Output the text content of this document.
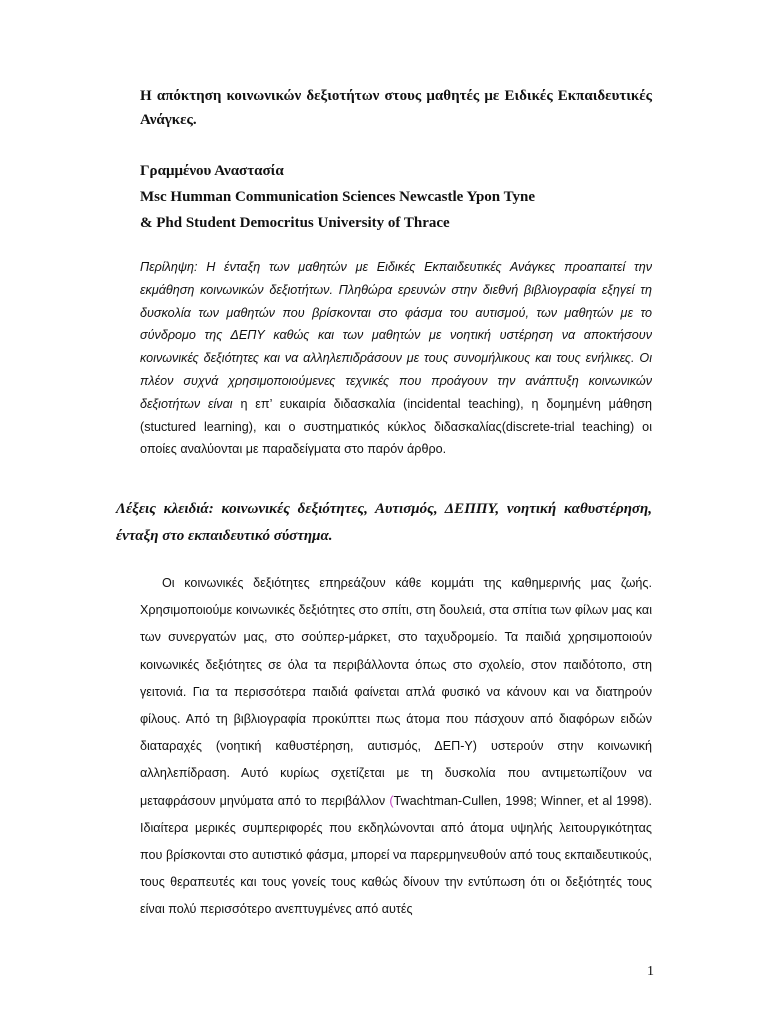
Η απόκτηση κοινωνικών δεξιοτήτων στους μαθητές με Ειδικές Εκπαιδευτικές Ανάγκες.

Γραμμένου Αναστασία
Msc Humman Communication Sciences Newcastle Ypon Tyne
& Phd Student Democritus University of Thrace

Περίληψη: Η ένταξη των μαθητών με Ειδικές Εκπαιδευτικές Ανάγκες προαπαιτεί την εκμάθηση κοινωνικών δεξιοτήτων. Πληθώρα ερευνών στην διεθνή βιβλιογραφία εξηγεί τη δυσκολία των μαθητών που βρίσκονται στο φάσμα του αυτισμού, των μαθητών με το σύνδρομο της ΔΕΠΥ καθώς και των μαθητών με νοητική υστέρηση να αποκτήσουν κοινωνικές δεξιότητες και να αλληλεπιδράσουν με τους συνομήλικους και τους ενήλικες. Οι πλέον συχνά χρησιμοποιούμενες τεχνικές που προάγουν την ανάπτυξη κοινωνικών δεξιοτήτων είναι η επ’ ευκαιρία διδασκαλία (incidental teaching), η δομημένη μάθηση (stuctured learning), και ο συστηματικός κύκλος διδασκαλίας(discrete-trial teaching) οι οποίες αναλύονται με παραδείγματα στο παρόν άρθρο.

Λέξεις κλειδιά: κοινωνικές δεξιότητες, Αυτισμός, ΔΕΠΠΥ, νοητική καθυστέρηση, ένταξη στο εκπαιδευτικό σύστημα.

Οι κοινωνικές δεξιότητες επηρεάζουν κάθε κομμάτι της καθημερινής μας ζωής. Χρησιμοποιούμε κοινωνικές δεξιότητες στο σπίτι, στη δουλειά, στα σπίτια των φίλων μας και των συνεργατών μας, στο σούπερ-μάρκετ, στο ταχυδρομείο. Τα παιδιά χρησιμοποιούν κοινωνικές δεξιότητες σε όλα τα περιβάλλοντα όπως στο σχολείο, στον παιδότοπο, στη γειτονιά. Για τα περισσότερα παιδιά φαίνεται απλά φυσικό να κάνουν και να διατηρούν φίλους. Από τη βιβλιογραφία προκύπτει πως άτομα που πάσχουν από διαφόρων ειδών διαταραχές (νοητική καθυστέρηση, αυτισμός, ΔΕΠ-Υ) υστερούν στην κοινωνική αλληλεπίδραση. Αυτό κυρίως σχετίζεται με τη δυσκολία που αντιμετωπίζουν να μεταφράσουν μηνύματα από το περιβάλλον (Twachtman-Cullen, 1998; Winner, et al 1998). Ιδιαίτερα μερικές συμπεριφορές που εκδηλώνονται από άτομα υψηλής λειτουργικότητας που βρίσκονται στο αυτιστικό φάσμα, μπορεί να παρερμηνευθούν από τους εκπαιδευτικούς, τους θεραπευτές και τους γονείς τους καθώς δίνουν την εντύπωση ότι οι δεξιότητές τους είναι πολύ περισσότερο ανεπτυγμένες από αυτές

1
